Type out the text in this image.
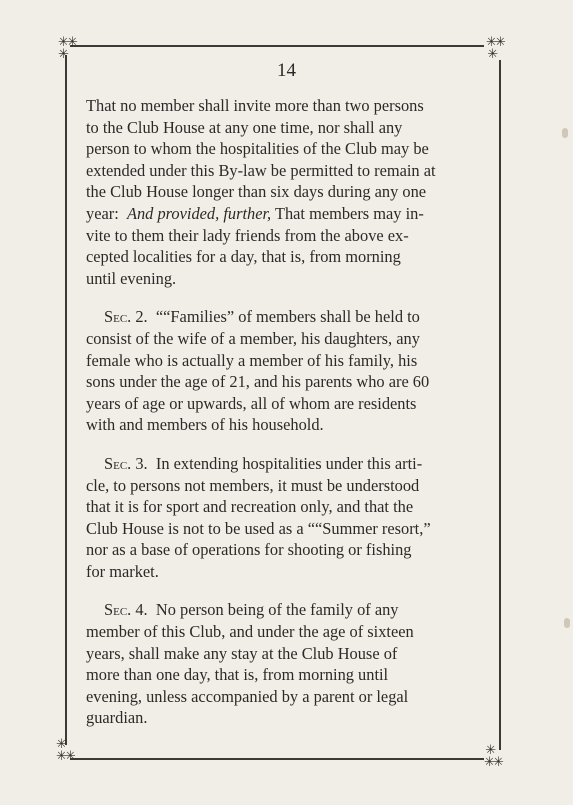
✳✳
✳
✳✳
✳
✳
✳✳	✳
✳✳
14

That no member shall invite more than two persons
to the Club House at any one time, nor shall any
person to whom the hospitalities of the Club may be
extended under this By-law be permitted to remain at
the Club House longer than six days during any one
year: And provided, further, That members may in-
vite to them their lady friends from the above ex-
cepted localities for a day, that is, from morning
until evening.

Sec. 2. ““Families” of members shall be held to
consist of the wife of a member, his daughters, any
female who is actually a member of his family, his
sons under the age of 21, and his parents who are 60
years of age or upwards, all of whom are residents
with and members of his household.

Sec. 3. In extending hospitalities under this arti-
cle, to persons not members, it must be understood
that it is for sport and recreation only, and that the
Club House is not to be used as a ““Summer resort,”
nor as a base of operations for shooting or fishing
for market.

Sec. 4. No person being of the family of any
member of this Club, and under the age of sixteen
years, shall make any stay at the Club House of
more than one day, that is, from morning until
evening, unless accompanied by a parent or legal
guardian.
